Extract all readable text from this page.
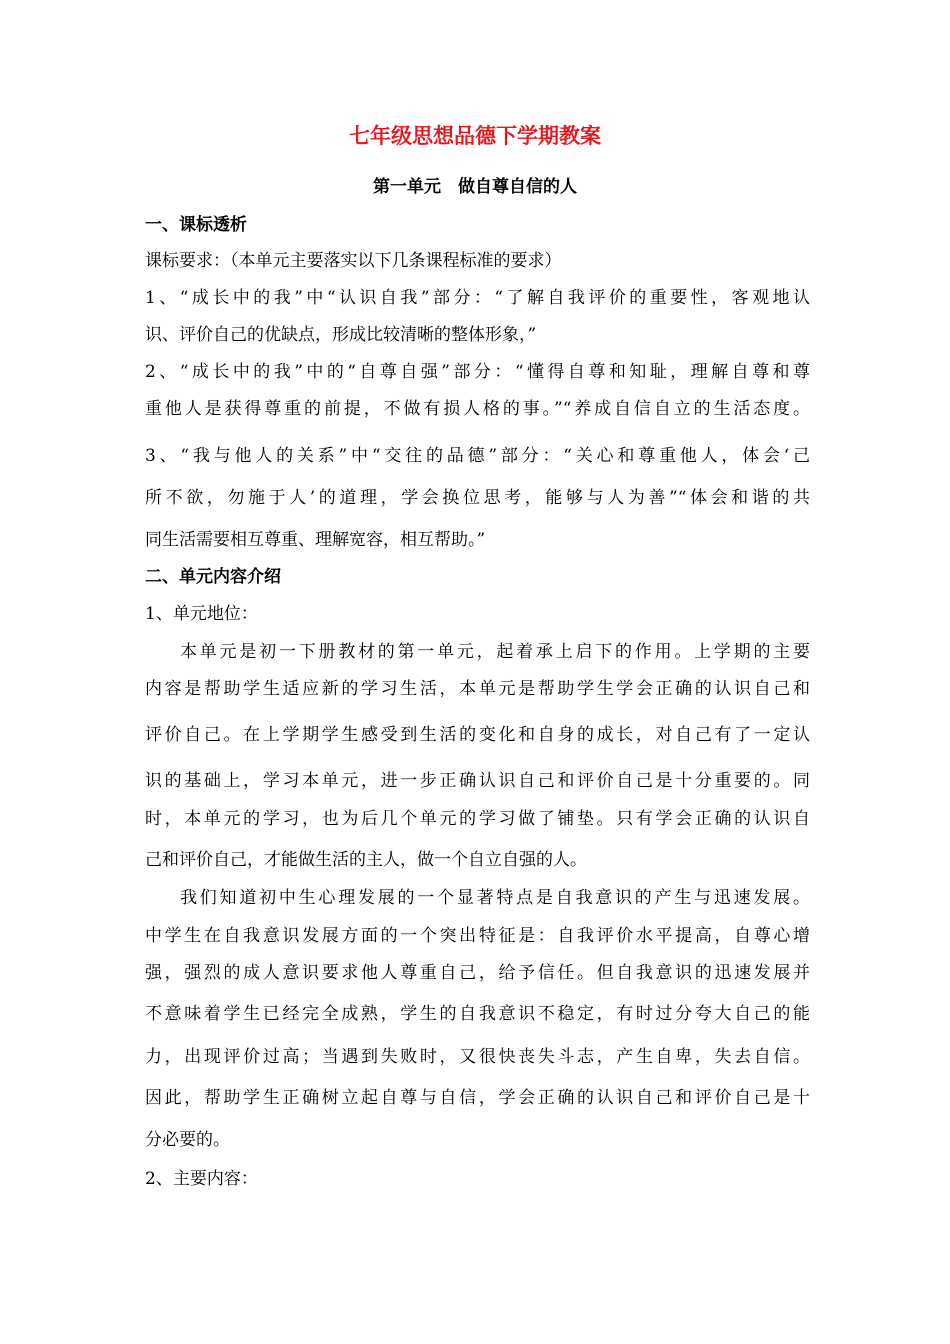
七年级思想品德下学期教案
第一单元　做自尊自信的人
一、课标透析
课标要求：（本单元主要落实以下几条课程标准的要求）
1、“成长中的我”中“认识自我”部分：“了解自我评价的重要性，客观地认
识、评价自己的优缺点，形成比较清晰的整体形象，”
2、“成长中的我”中的“自尊自强”部分：“懂得自尊和知耻，理解自尊和尊
重他人是获得尊重的前提，不做有损人格的事。”“养成自信自立的生活态度。
3、“我与他人的关系”中“交往的品德”部分：“关心和尊重他人，体会‘己
所不欲，勿施于人’的道理，学会换位思考，能够与人为善”“体会和谐的共
同生活需要相互尊重、理解宽容，相互帮助。”
二、单元内容介绍
1、单元地位：
本单元是初一下册教材的第一单元，起着承上启下的作用。上学期的主要
内容是帮助学生适应新的学习生活，本单元是帮助学生学会正确的认识自己和
评价自己。在上学期学生感受到生活的变化和自身的成长，对自己有了一定认
识的基础上，学习本单元，进一步正确认识自己和评价自己是十分重要的。同
时，本单元的学习，也为后几个单元的学习做了铺垫。只有学会正确的认识自
己和评价自己，才能做生活的主人，做一个自立自强的人。
我们知道初中生心理发展的一个显著特点是自我意识的产生与迅速发展。
中学生在自我意识发展方面的一个突出特征是：自我评价水平提高，自尊心增
强，强烈的成人意识要求他人尊重自己，给予信任。但自我意识的迅速发展并
不意味着学生已经完全成熟，学生的自我意识不稳定，有时过分夸大自己的能
力，出现评价过高；当遇到失败时，又很快丧失斗志，产生自卑，失去自信。
因此，帮助学生正确树立起自尊与自信，学会正确的认识自己和评价自己是十
分必要的。
2、主要内容：
